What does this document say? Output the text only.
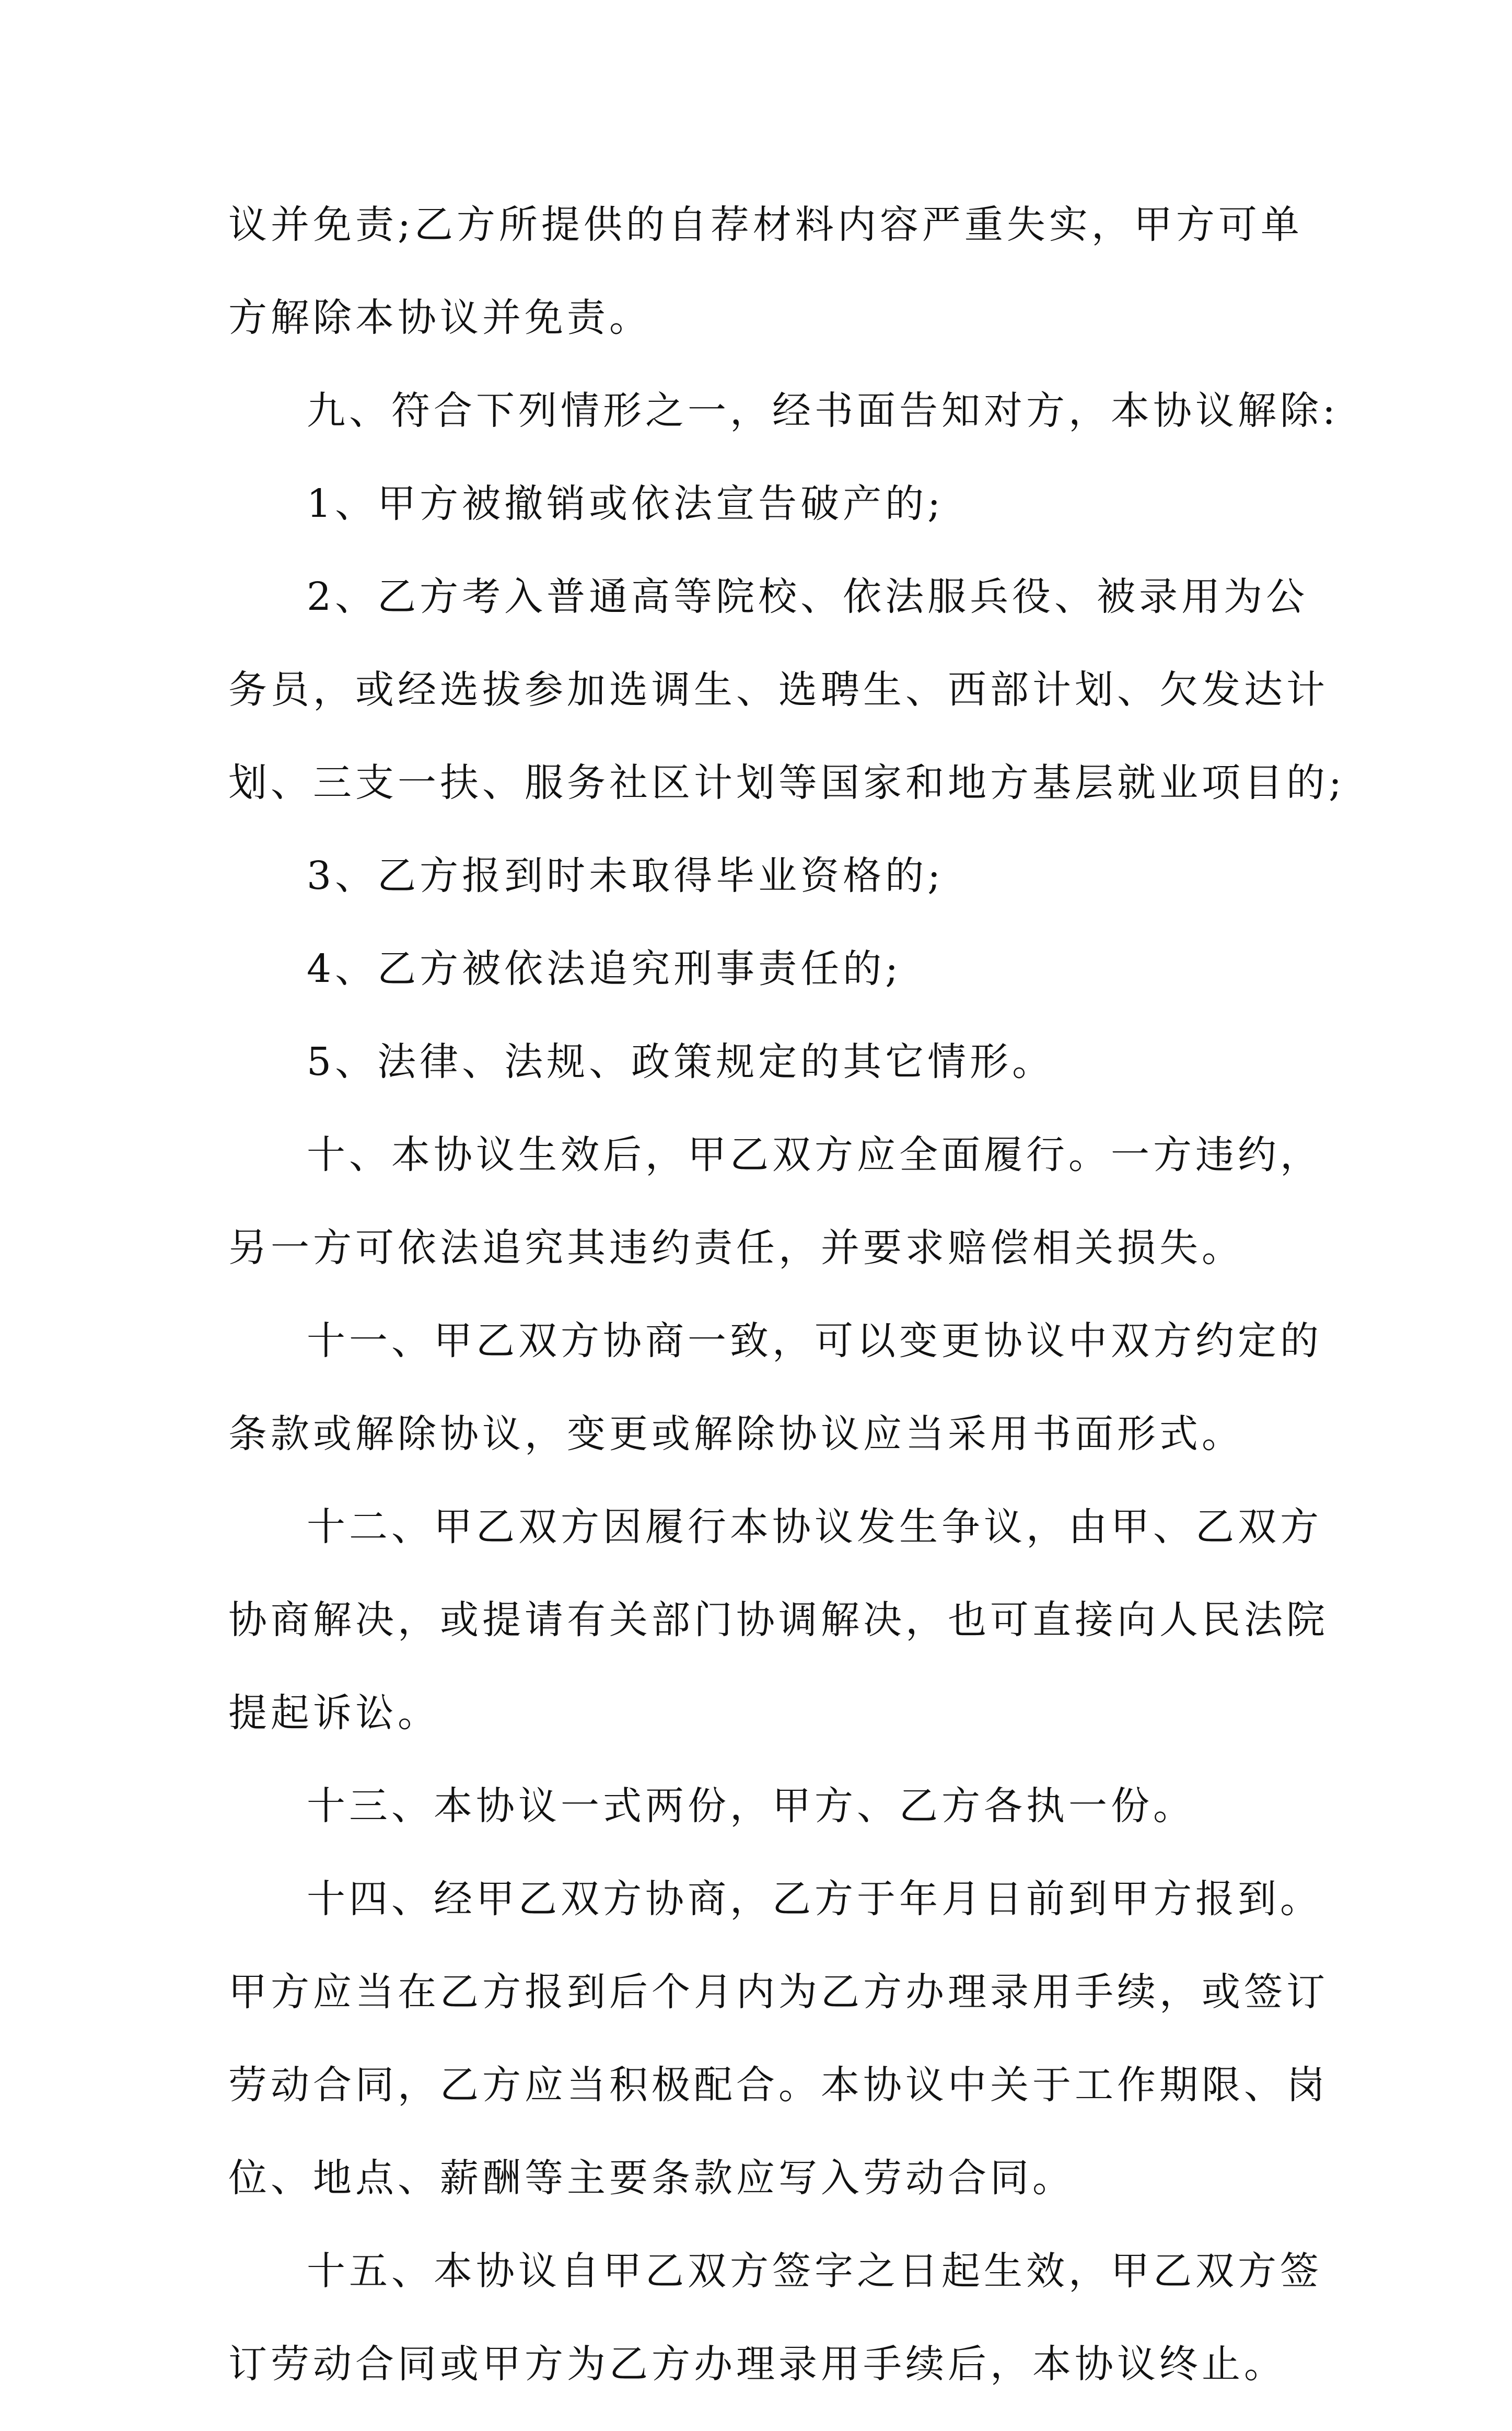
议并免责;乙方所提供的自荐材料内容严重失实，甲方可单
方解除本协议并免责。
九、符合下列情形之一，经书面告知对方，本协议解除:
1、甲方被撤销或依法宣告破产的;
2、乙方考入普通高等院校、依法服兵役、被录用为公
务员，或经选拔参加选调生、选聘生、西部计划、欠发达计
划、三支一扶、服务社区计划等国家和地方基层就业项目的;
3、乙方报到时未取得毕业资格的;
4、乙方被依法追究刑事责任的;
5、法律、法规、政策规定的其它情形。
十、本协议生效后，甲乙双方应全面履行。一方违约，
另一方可依法追究其违约责任，并要求赔偿相关损失。
十一、甲乙双方协商一致，可以变更协议中双方约定的
条款或解除协议，变更或解除协议应当采用书面形式。
十二、甲乙双方因履行本协议发生争议，由甲、乙双方
协商解决，或提请有关部门协调解决，也可直接向人民法院
提起诉讼。
十三、本协议一式两份，甲方、乙方各执一份。
十四、经甲乙双方协商，乙方于年月日前到甲方报到。
甲方应当在乙方报到后个月内为乙方办理录用手续，或签订
劳动合同，乙方应当积极配合。本协议中关于工作期限、岗
位、地点、薪酬等主要条款应写入劳动合同。
十五、本协议自甲乙双方签字之日起生效，甲乙双方签
订劳动合同或甲方为乙方办理录用手续后，本协议终止。
